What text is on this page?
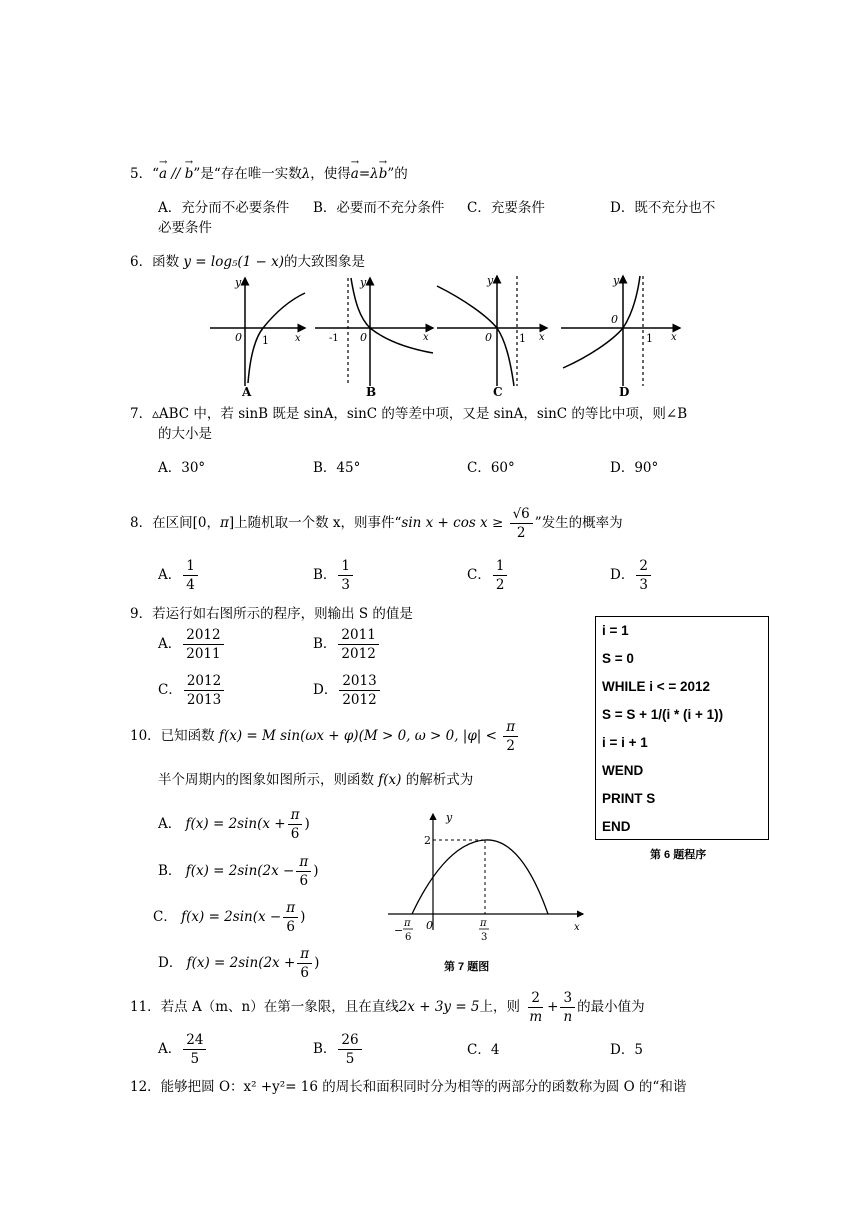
5．“→ a // → b”是“存在唯一实数λ，使得→ a=λ→ b”的
A．充分而不必要条件 B．必要而不充分条件 C．充要条件	D．既不充分也不
必要条件
6．函数 y = log₅(1 − x)的大致图象是
y
x
0 1
A
y
x
0
-1
B
y
x
0 1
C
y
x
0
1
D
7．▵ABC 中，若 sinB 既是 sinA，sinC 的等差中项，又是 sinA，sinC 的等比中项，则∠B
的大小是
A．30°	B．45°	C．60°	D．90°
8．在区间[0，π]上随机取一个数 x，则事件“sin $x + \cos x \ge \frac{√6}{2}$ ”发生的概率为
A． $\frac{1}{4}$	B． $\frac{1}{3}$	C． $\frac{1}{2}$	D． $\frac{2}{3}$
9．若运行如右图所示的程序，则输出 S 的值是
A． $\frac{2012}{2011}$	B． $\frac{2011}{2012}$
C． $\frac{2012}{2013}$	D． $\frac{2013}{2012}$
i = 1
S = 0
WHILE i < = 2012
S = S + 1/(i * (i + 1))
i = i + 1
WEND
PRINT S
END
第 6 题程序
10．已知函数 f(x) = M sin(ωx + φ)(M > 0, ω > 0, $|\varphi| < \frac{\pi}{2}$
半个周期内的图象如图所示，则函数 f(x) 的解析式为
A． $f(x) = 2\sin(x + \frac{\pi}{6}$ )
B． $f(x) = 2\sin(2x - \frac{\pi}{6}$ )
C． $f(x) = 2\sin(x - \frac{\pi}{6}$ )
D． $f(x) = 2\sin(2x + \frac{\pi}{6}$ )
y
x
2
0
−
π
6
π
3
第 7 题图
11．若点 A（m、n）在第一象限，且在直线2x + 3y = 5上，则 $\frac{2}{m} + \frac{3}{n}$ 的最小值为
A． $\frac{24}{5}$	B． $\frac{26}{5}$	C．4	D．5
12．能够把圆 O：x² +y²= 16 的周长和面积同时分为相等的两部分的函数称为圆 O 的“和谐
